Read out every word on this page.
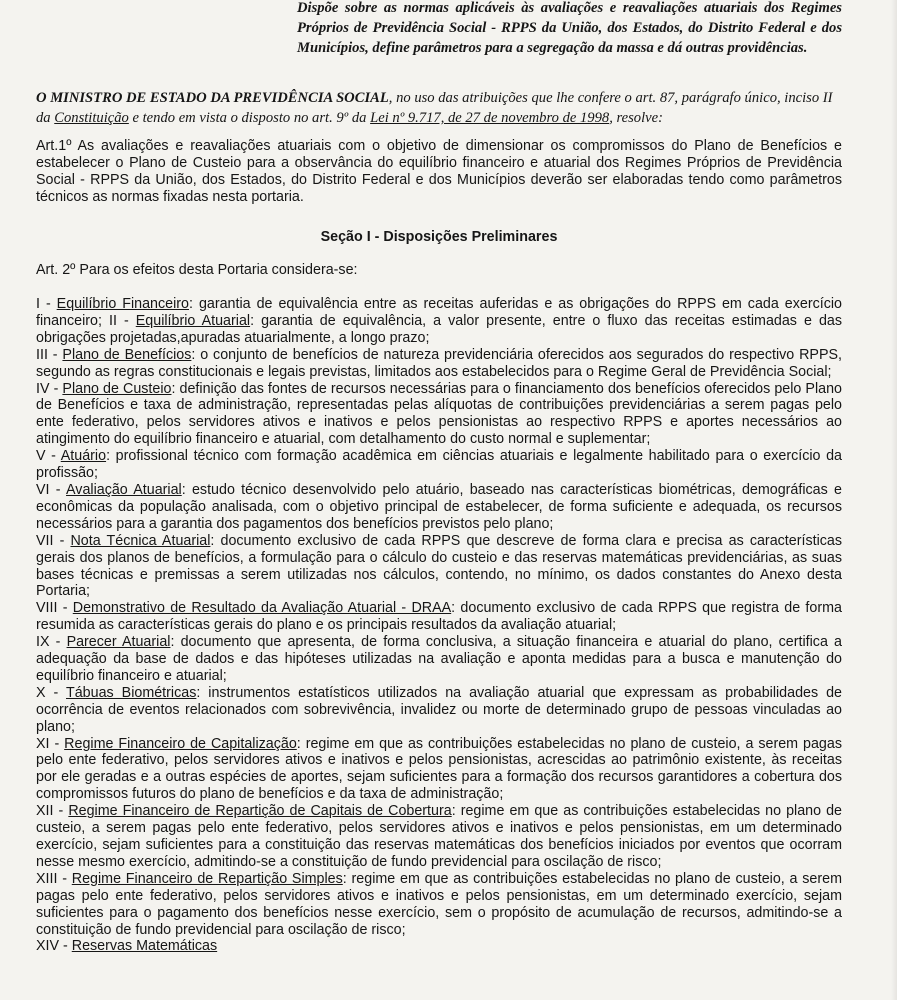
Dispõe sobre as normas aplicáveis às avaliações e reavaliações atuariais dos Regimes Próprios de Previdência Social - RPPS da União, dos Estados, do Distrito Federal e dos Municípios, define parâmetros para a segregação da massa e dá outras providências.

O MINISTRO DE ESTADO DA PREVIDÊNCIA SOCIAL, no uso das atribuições que lhe confere o art. 87, parágrafo único, inciso II da Constituição e tendo em vista o disposto no art. 9º da Lei nº 9.717, de 27 de novembro de 1998, resolve:

Art.1º As avaliações e reavaliações atuariais com o objetivo de dimensionar os compromissos do Plano de Benefícios e estabelecer o Plano de Custeio para a observância do equilíbrio financeiro e atuarial dos Regimes Próprios de Previdência Social - RPPS da União, dos Estados, do Distrito Federal e dos Municípios deverão ser elaboradas tendo como parâmetros técnicos as normas fixadas nesta portaria.

Seção I - Disposições Preliminares

Art. 2º Para os efeitos desta Portaria considera-se:

I - Equilíbrio Financeiro: garantia de equivalência entre as receitas auferidas e as obrigações do RPPS em cada exercício financeiro; II - Equilíbrio Atuarial: garantia de equivalência, a valor presente, entre o fluxo das receitas estimadas e das obrigações projetadas,apuradas atuarialmente, a longo prazo;
III - Plano de Benefícios: o conjunto de benefícios de natureza previdenciária oferecidos aos segurados do respectivo RPPS, segundo as regras constitucionais e legais previstas, limitados aos estabelecidos para o Regime Geral de Previdência Social;
IV - Plano de Custeio: definição das fontes de recursos necessárias para o financiamento dos benefícios oferecidos pelo Plano de Benefícios e taxa de administração, representadas pelas alíquotas de contribuições previdenciárias a serem pagas pelo ente federativo, pelos servidores ativos e inativos e pelos pensionistas ao respectivo RPPS e aportes necessários ao atingimento do equilíbrio financeiro e atuarial, com detalhamento do custo normal e suplementar;
V - Atuário: profissional técnico com formação acadêmica em ciências atuariais e legalmente habilitado para o exercício da profissão;
VI - Avaliação Atuarial: estudo técnico desenvolvido pelo atuário, baseado nas características biométricas, demográficas e econômicas da população analisada, com o objetivo principal de estabelecer, de forma suficiente e adequada, os recursos necessários para a garantia dos pagamentos dos benefícios previstos pelo plano;
VII - Nota Técnica Atuarial: documento exclusivo de cada RPPS que descreve de forma clara e precisa as características gerais dos planos de benefícios, a formulação para o cálculo do custeio e das reservas matemáticas previdenciárias, as suas bases técnicas e premissas a serem utilizadas nos cálculos, contendo, no mínimo, os dados constantes do Anexo desta Portaria;
VIII - Demonstrativo de Resultado da Avaliação Atuarial - DRAA: documento exclusivo de cada RPPS que registra de forma resumida as características gerais do plano e os principais resultados da avaliação atuarial;
IX - Parecer Atuarial: documento que apresenta, de forma conclusiva, a situação financeira e atuarial do plano, certifica a adequação da base de dados e das hipóteses utilizadas na avaliação e aponta medidas para a busca e manutenção do equilíbrio financeiro e atuarial;
X - Tábuas Biométricas: instrumentos estatísticos utilizados na avaliação atuarial que expressam as probabilidades de ocorrência de eventos relacionados com sobrevivência, invalidez ou morte de determinado grupo de pessoas vinculadas ao plano;
XI - Regime Financeiro de Capitalização: regime em que as contribuições estabelecidas no plano de custeio, a serem pagas pelo ente federativo, pelos servidores ativos e inativos e pelos pensionistas, acrescidas ao patrimônio existente, às receitas por ele geradas e a outras espécies de aportes, sejam suficientes para a formação dos recursos garantidores a cobertura dos compromissos futuros do plano de benefícios e da taxa de administração;
XII - Regime Financeiro de Repartição de Capitais de Cobertura: regime em que as contribuições estabelecidas no plano de custeio, a serem pagas pelo ente federativo, pelos servidores ativos e inativos e pelos pensionistas, em um determinado exercício, sejam suficientes para a constituição das reservas matemáticas dos benefícios iniciados por eventos que ocorram nesse mesmo exercício, admitindo-se a constituição de fundo previdencial para oscilação de risco;
XIII - Regime Financeiro de Repartição Simples: regime em que as contribuições estabelecidas no plano de custeio, a serem pagas pelo ente federativo, pelos servidores ativos e inativos e pelos pensionistas, em um determinado exercício, sejam suficientes para o pagamento dos benefícios nesse exercício, sem o propósito de acumulação de recursos, admitindo-se a constituição de fundo previdencial para oscilação de risco;
XIV - Reservas Matemáticas
